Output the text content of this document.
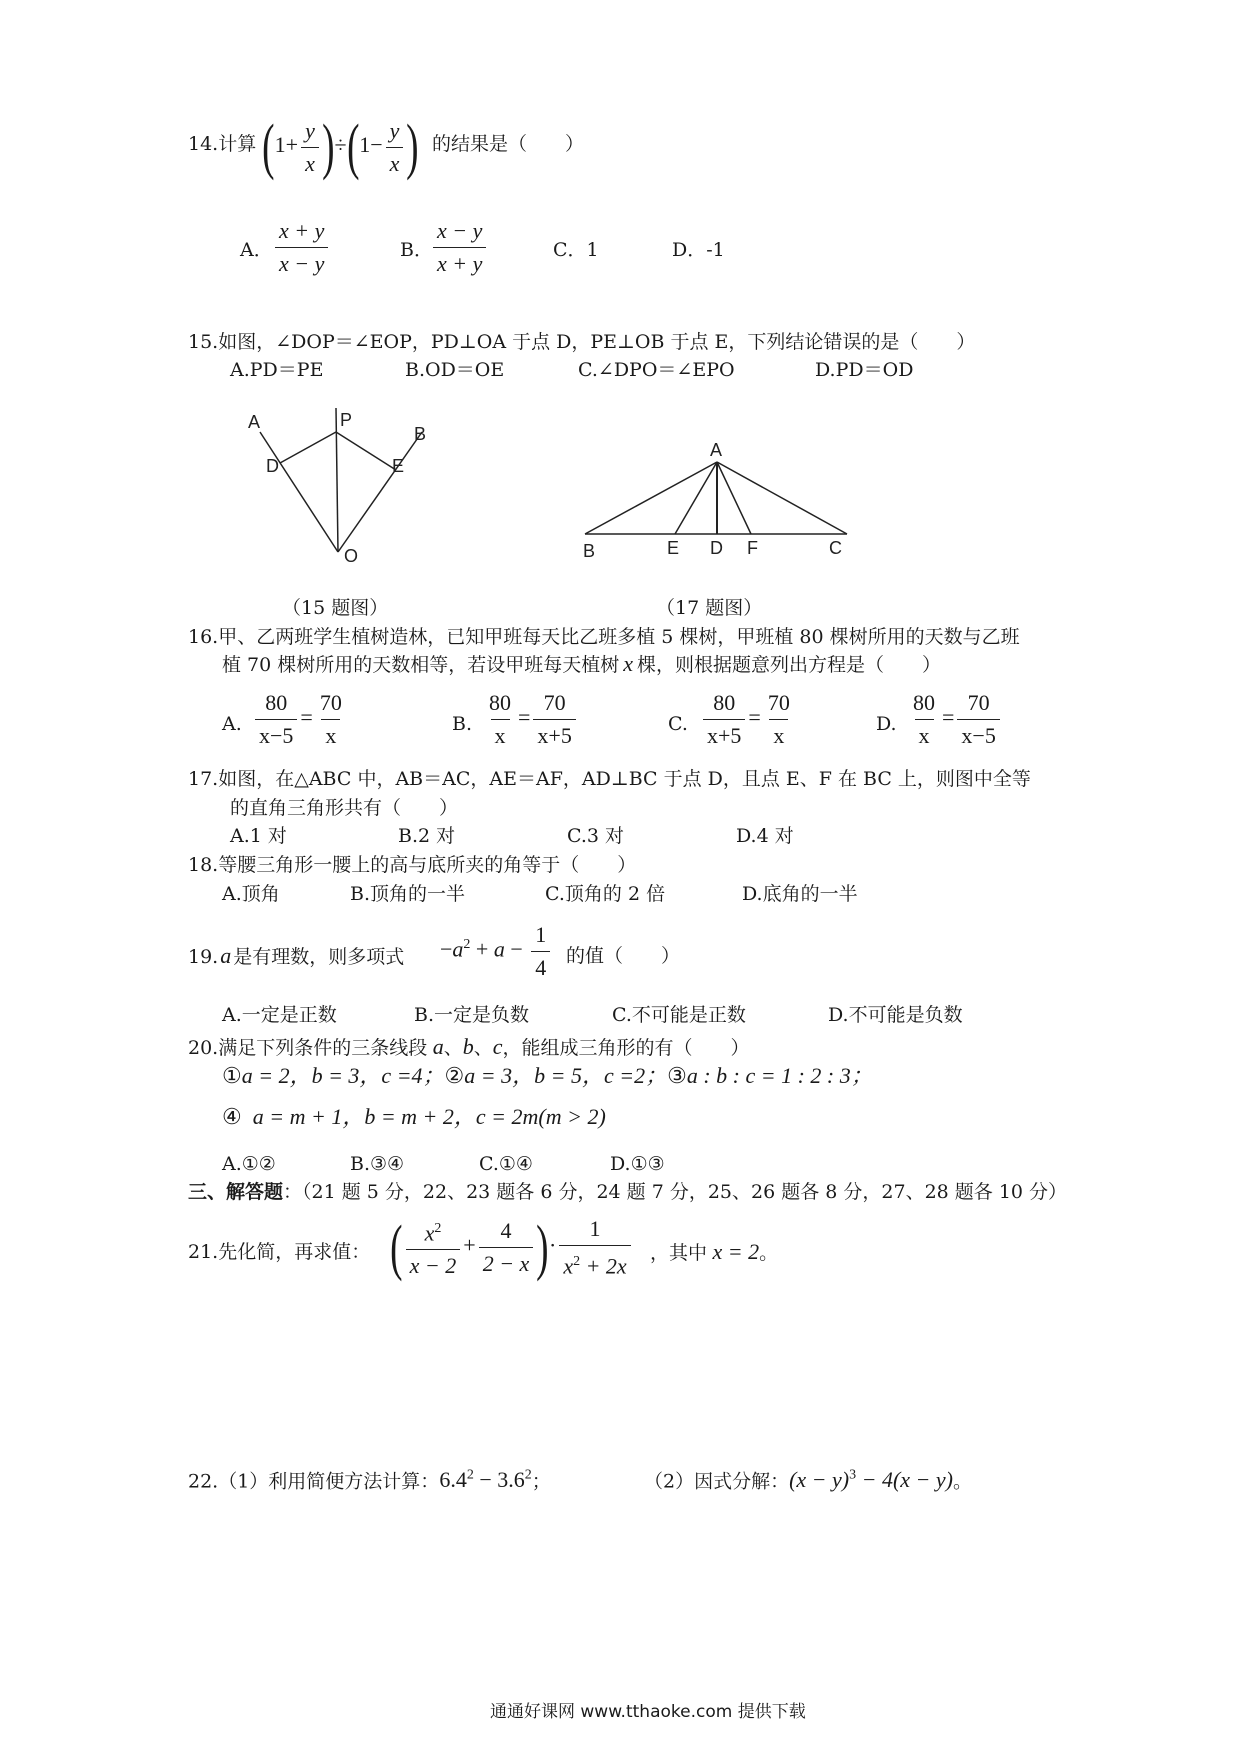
14.计算 $(1+ \frac{y}{x} )\div(1- \frac{y}{x}$ ) 的结果是（　　）
A． $\frac{x + y}{x - y}$	B． $\frac{x - y}{x + y}$	C．1	D．-1
15.如图，∠DOP＝∠EOP，PD⊥OA 于点 D，PE⊥OB 于点 E，下列结论错误的是（　　）
A.PD＝PE	B.OD＝OE	C.∠DPO＝∠EPO	D.PD＝OD
A	P
B
D	E
O
A
B	E D F	C
（15 题图）	（17 题图）
16.甲、乙两班学生植树造林，已知甲班每天比乙班多植 5 棵树，甲班植 80 棵树所用的天数与乙班
植 70 棵树所用的天数相等，若设甲班每天植树 x 棵，则根据题意列出方程是（　　）
A. $\frac{80}{x-5} = \frac{70}{x}$	B. $\frac{80}{x} = \frac{70}{x+5}$	C. $\frac{80}{x+5} = \frac{70}{x}$	D. $\frac{80}{x} = \frac{70}{x-5}$
17.如图，在△ABC 中，AB＝AC，AE＝AF，AD⊥BC 于点 D，且点 E、F 在 BC 上，则图中全等
的直角三角形共有（　　）
A.1 对	B.2 对	C.3 对	D.4 对
18.等腰三角形一腰上的高与底所夹的角等于（　　）
A.顶角	B.顶角的一半	C.顶角的 2 倍	D.底角的一半
19.a 是有理数，则多项式 $-a^2 + a - \frac{1}{4}$ 的值（　　）
A.一定是正数	B.一定是负数	C.不可能是正数	D.不可能是负数
20.满足下列条件的三条线段 a、b、c，能组成三角形的有（　　）
①a = 2，b = 3，c =4；②a = 3，b = 5，c =2；③a : b : c = 1 : 2 : 3；
④  a = m + 1，b = m + 2，c = 2m(m > 2)
A.①②	B.③④	C.①④	D.①③
三、解答题：（21 题 5 分，22、23 题各 6 分，24 题 7 分，25、26 题各 8 分，27、28 题各 10 分）
21.先化简，再求值： ( $\frac{x^2}{x - 2} + \frac{4}{2 - x}$ )· $\frac{1}{x^2 + 2x}$ ，其中 x = 2。
22.（1）利用简便方法计算：$6.4^2 - 3.6^2$；	（2）因式分解：$(x - y)^3 - 4(x - y)$。
通通好课网 www.tthaoke.com 提供下载
